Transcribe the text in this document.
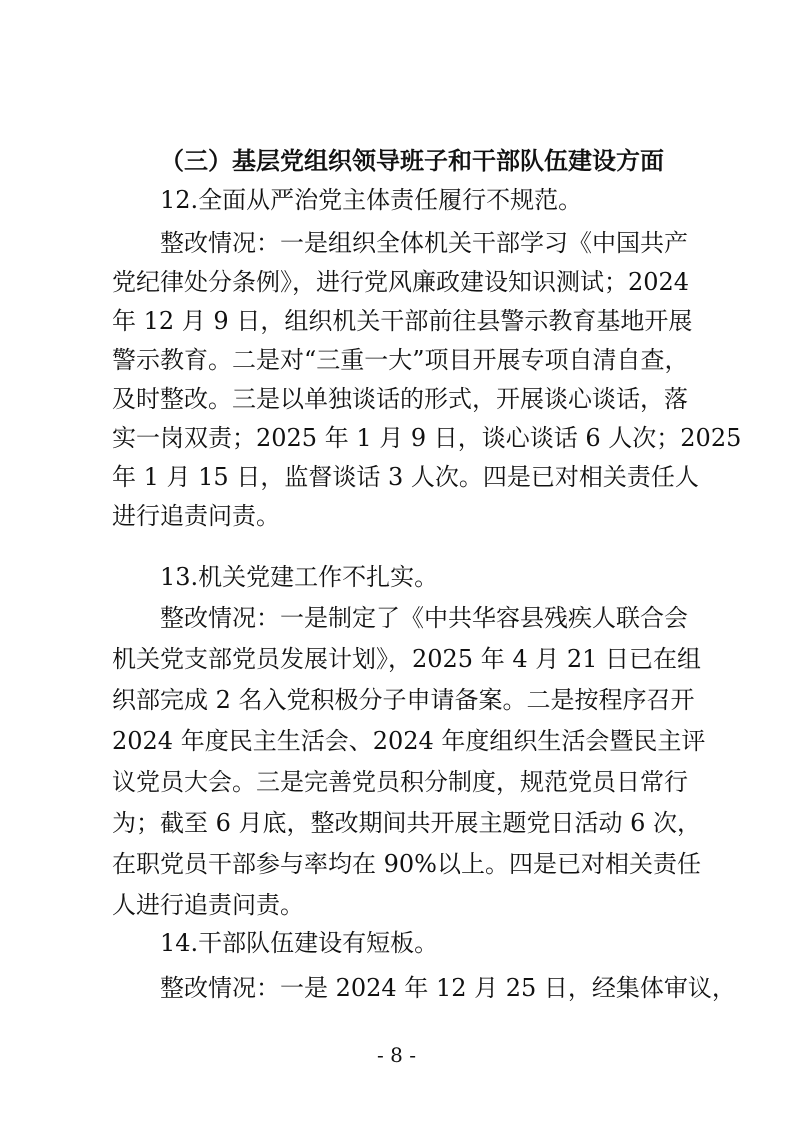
（三）基层党组织领导班子和干部队伍建设方面
12.全面从严治党主体责任履行不规范。
整改情况：一是组织全体机关干部学习《中国共产
党纪律处分条例》，进行党风廉政建设知识测试；2024
年 12 月 9 日，组织机关干部前往县警示教育基地开展
警示教育。二是对“三重一大”项目开展专项自清自查，
及时整改。三是以单独谈话的形式，开展谈心谈话，落
实一岗双责；2025 年 1 月 9 日，谈心谈话 6 人次；2025
年 1 月 15 日，监督谈话 3 人次。四是已对相关责任人
进行追责问责。
13.机关党建工作不扎实。
整改情况：一是制定了《中共华容县残疾人联合会
机关党支部党员发展计划》，2025 年 4 月 21 日已在组
织部完成 2 名入党积极分子申请备案。二是按程序召开
2024 年度民主生活会、2024 年度组织生活会暨民主评
议党员大会。三是完善党员积分制度，规范党员日常行
为；截至 6 月底，整改期间共开展主题党日活动 6 次，
在职党员干部参与率均在 90%以上。四是已对相关责任
人进行追责问责。
14.干部队伍建设有短板。
整改情况：一是 2024 年 12 月 25 日，经集体审议，
- 8 -
